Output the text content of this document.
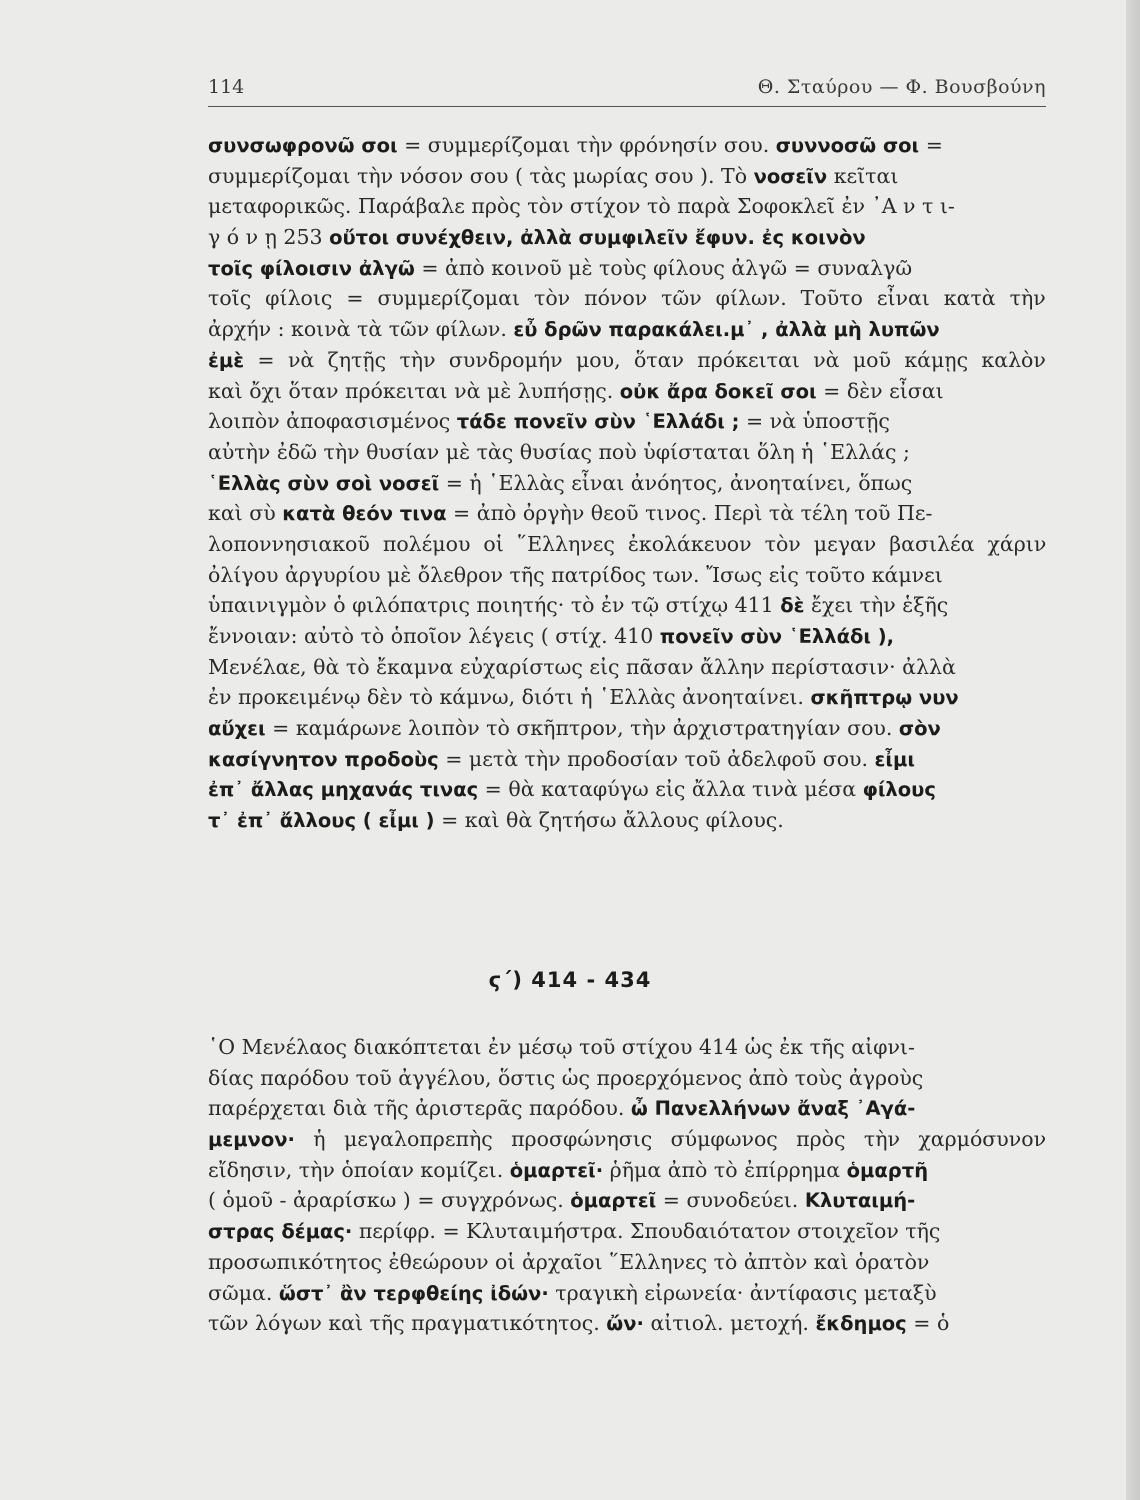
114	Θ. Σταύρου — Φ. Βουσβούνη
συνσωφρονῶ σοι = συμμερίζομαι τὴν φρόνησίν σου. συννοσῶ σοι =
συμμερίζομαι τὴν νόσον σου ( τὰς μωρίας σου ). Τὸ νοσεῖν κεῖται
μεταφορικῶς. Παράβαλε πρὸς τὸν στίχον τὸ παρὰ Σοφοκλεῖ ἐν ᾿Α ν τ ι-
γ ό ν ῃ 253 οὔτοι συνέχθειν, ἀλλὰ συμφιλεῖν ἔφυν. ἐς κοινὸν
τοῖς φίλοισιν ἀλγῶ = ἀπὸ κοινοῦ μὲ τοὺς φίλους ἀλγῶ = συναλγῶ
τοῖς φίλοις = συμμερίζομαι τὸν πόνον τῶν φίλων. Τοῦτο εἶναι κατὰ τὴν
ἀρχήν : κοινὰ τὰ τῶν φίλων. εὖ δρῶν παρακάλει.μ᾿ , ἀλλὰ μὴ λυπῶν
ἐμὲ = νὰ ζητῇς τὴν συνδρομήν μου, ὅταν πρόκειται νὰ μοῦ κάμῃς καλὸν
καὶ ὄχι ὅταν πρόκειται νὰ μὲ λυπήσῃς. οὐκ ἄρα δοκεῖ σοι = δὲν εἶσαι
λοιπὸν ἀποφασισμένος τάδε πονεῖν σὺν ῾Ελλάδι ; = νὰ ὑποστῇς
αὐτὴν ἐδῶ τὴν θυσίαν μὲ τὰς θυσίας ποὺ ὑφίσταται ὅλη ἡ ῾Ελλάς ;
῾Ελλὰς σὺν σοὶ νοσεῖ = ἡ ῾Ελλὰς εἶναι ἀνόητος, ἀνοηταίνει, ὅπως
καὶ σὺ κατὰ θεόν τινα = ἀπὸ ὀργὴν θεοῦ τινος. Περὶ τὰ τέλη τοῦ Πε-
λοποννησιακοῦ πολέμου οἱ ῞Ελληνες ἐκολάκευον τὸν μεγαν βασιλέα χάριν
ὀλίγου ἀργυρίου μὲ ὄλεθρον τῆς πατρίδος των. Ἴσως εἰς τοῦτο κάμνει
ὑπαινιγμὸν ὁ φιλόπατρις ποιητής· τὸ ἐν τῷ στίχῳ 411 δὲ ἔχει τὴν ἑξῆς
ἔννοιαν: αὐτὸ τὸ ὁποῖον λέγεις ( στίχ. 410 πονεῖν σὺν ῾Ελλάδι ),
Μενέλαε, θὰ τὸ ἔκαμνα εὐχαρίστως εἰς πᾶσαν ἄλλην περίστασιν· ἀλλὰ
ἐν προκειμένῳ δὲν τὸ κάμνω, διότι ἡ ῾Ελλὰς ἀνοηταίνει. σκῆπτρῳ νυν
αὔχει = καμάρωνε λοιπὸν τὸ σκῆπτρον, τὴν ἀρχιστρατηγίαν σου. σὸν
κασίγνητον προδοὺς = μετὰ τὴν προδοσίαν τοῦ ἀδελφοῦ σου. εἶμι
ἐπ᾿ ἄλλας μηχανάς τινας = θὰ καταφύγω εἰς ἄλλα τινὰ μέσα φίλους
τ᾿ ἐπ᾿ ἄλλους ( εἶμι ) = καὶ θὰ ζητήσω ἄλλους φίλους.
ϛ΄) 414 - 434
῾Ο Μενέλαος διακόπτεται ἐν μέσῳ τοῦ στίχου 414 ὡς ἐκ τῆς αἰφνι-
δίας παρόδου τοῦ ἀγγέλου, ὅστις ὡς προερχόμενος ἀπὸ τοὺς ἀγροὺς
παρέρχεται διὰ τῆς ἀριστερᾶς παρόδου. ὦ Πανελλήνων ἄναξ ᾿Αγά-
μεμνον· ἡ μεγαλοπρεπὴς προσφώνησις σύμφωνος πρὸς τὴν χαρμόσυνον
εἴδησιν, τὴν ὁποίαν κομίζει. ὁμαρτεῖ· ῥῆμα ἀπὸ τὸ ἐπίρρημα ὁμαρτῆ
( ὁμοῦ - ἀραρίσκω ) = συγχρόνως. ὁμαρτεῖ = συνοδεύει. Κλυταιμή-
στρας δέμας· περίφρ. = Κλυταιμήστρα. Σπουδαιότατον στοιχεῖον τῆς
προσωπικότητος ἐθεώρουν οἱ ἀρχαῖοι ῞Ελληνες τὸ ἀπτὸν καὶ ὁρατὸν
σῶμα. ὥστ᾿ ἂν τερφθείης ἰδών· τραγικὴ εἰρωνεία· ἀντίφασις μεταξὺ
τῶν λόγων καὶ τῆς πραγματικότητος. ὤν· αἰτιολ. μετοχή. ἔκδημος = ὁ
